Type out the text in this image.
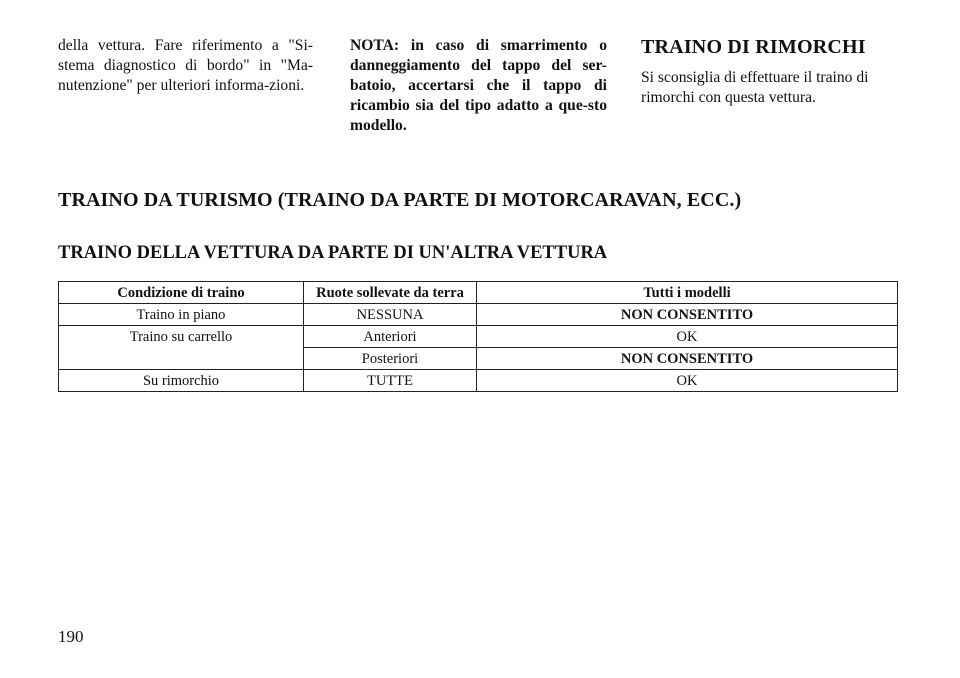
della vettura. Fare riferimento a "Si-stema diagnostico di bordo" in "Ma-nutenzione" per ulteriori informa-zioni.

NOTA: in caso di smarrimento o danneggiamento del tappo del ser-batoio, accertarsi che il tappo di ricambio sia del tipo adatto a que-sto modello.

TRAINO DI RIMORCHI

Si sconsiglia di effettuare il traino di rimorchi con questa vettura.

TRAINO DA TURISMO (TRAINO DA PARTE DI MOTORCARAVAN, ECC.)
TRAINO DELLA VETTURA DA PARTE DI UN'ALTRA VETTURA
Condizione di traino	Ruote sollevate da terra	Tutti i modelli
Traino in piano	NESSUNA	NON CONSENTITO
Traino su carrello	Anteriori	OK
	Posteriori	NON CONSENTITO
Su rimorchio	TUTTE	OK

190
